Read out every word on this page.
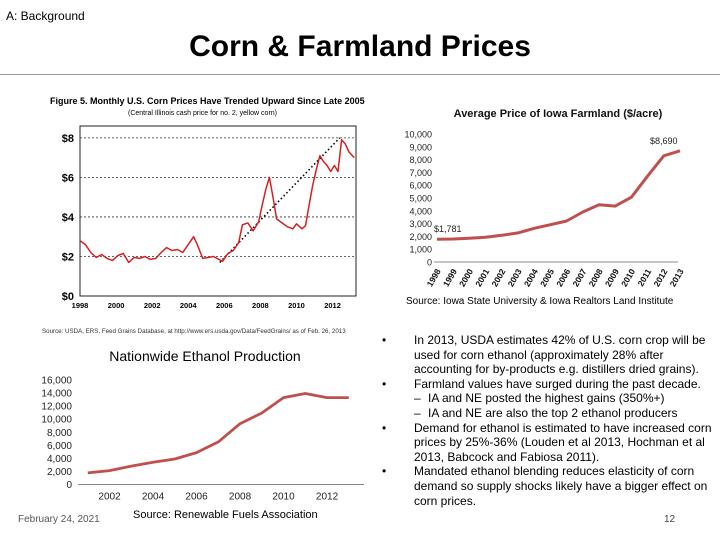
A: Background
Corn & Farmland Prices
Figure 5. Monthly U.S. Corn Prices Have Trended Upward Since Late 2005
(Central Illinois cash price for no. 2, yellow corn)
$0
$2
$4
$6
$8
1998	2000	2002	2004	2006	2008	2010	2012
Source: USDA, ERS, Feed Grains Database, at http://www.ers.usda.gov/Data/FeedGrains/ as of Feb. 26, 2013
Average Price of Iowa Farmland ($/acre)
0
1,000
2,000
3,000
4,000
5,000
6,000
7,000
8,000
9,000
10,000
1998
1999
2000
2001
2002
2003
2004
2005
2006
2007
2008
2009
2010
2011
2012
2013
$1,781
$8,690
Source: Iowa State University & Iowa Realtors Land Institute
Nationwide Ethanol Production
0
2,000
4,000
6,000
8,000
10,000
12,000
14,000
16,000
2002 2004 2006 2008 2010 2012
• In 2013, USDA estimates 42% of U.S. corn crop will be used for corn ethanol (approximately 28% after accounting for by-products e.g. distillers dried grains).
• Farmland values have surged during the past decade.
– IA and NE posted the highest gains (350%+)
– IA and NE are also the top 2 ethanol producers
• Demand for ethanol is estimated to have increased corn prices by 25%-36% (Louden et al 2013, Hochman et al 2013, Babcock and Fabiosa 2011).
• Mandated ethanol blending reduces elasticity of corn demand so supply shocks likely have a bigger effect on corn prices.
February 24, 2021	Source: Renewable Fuels Association	12
